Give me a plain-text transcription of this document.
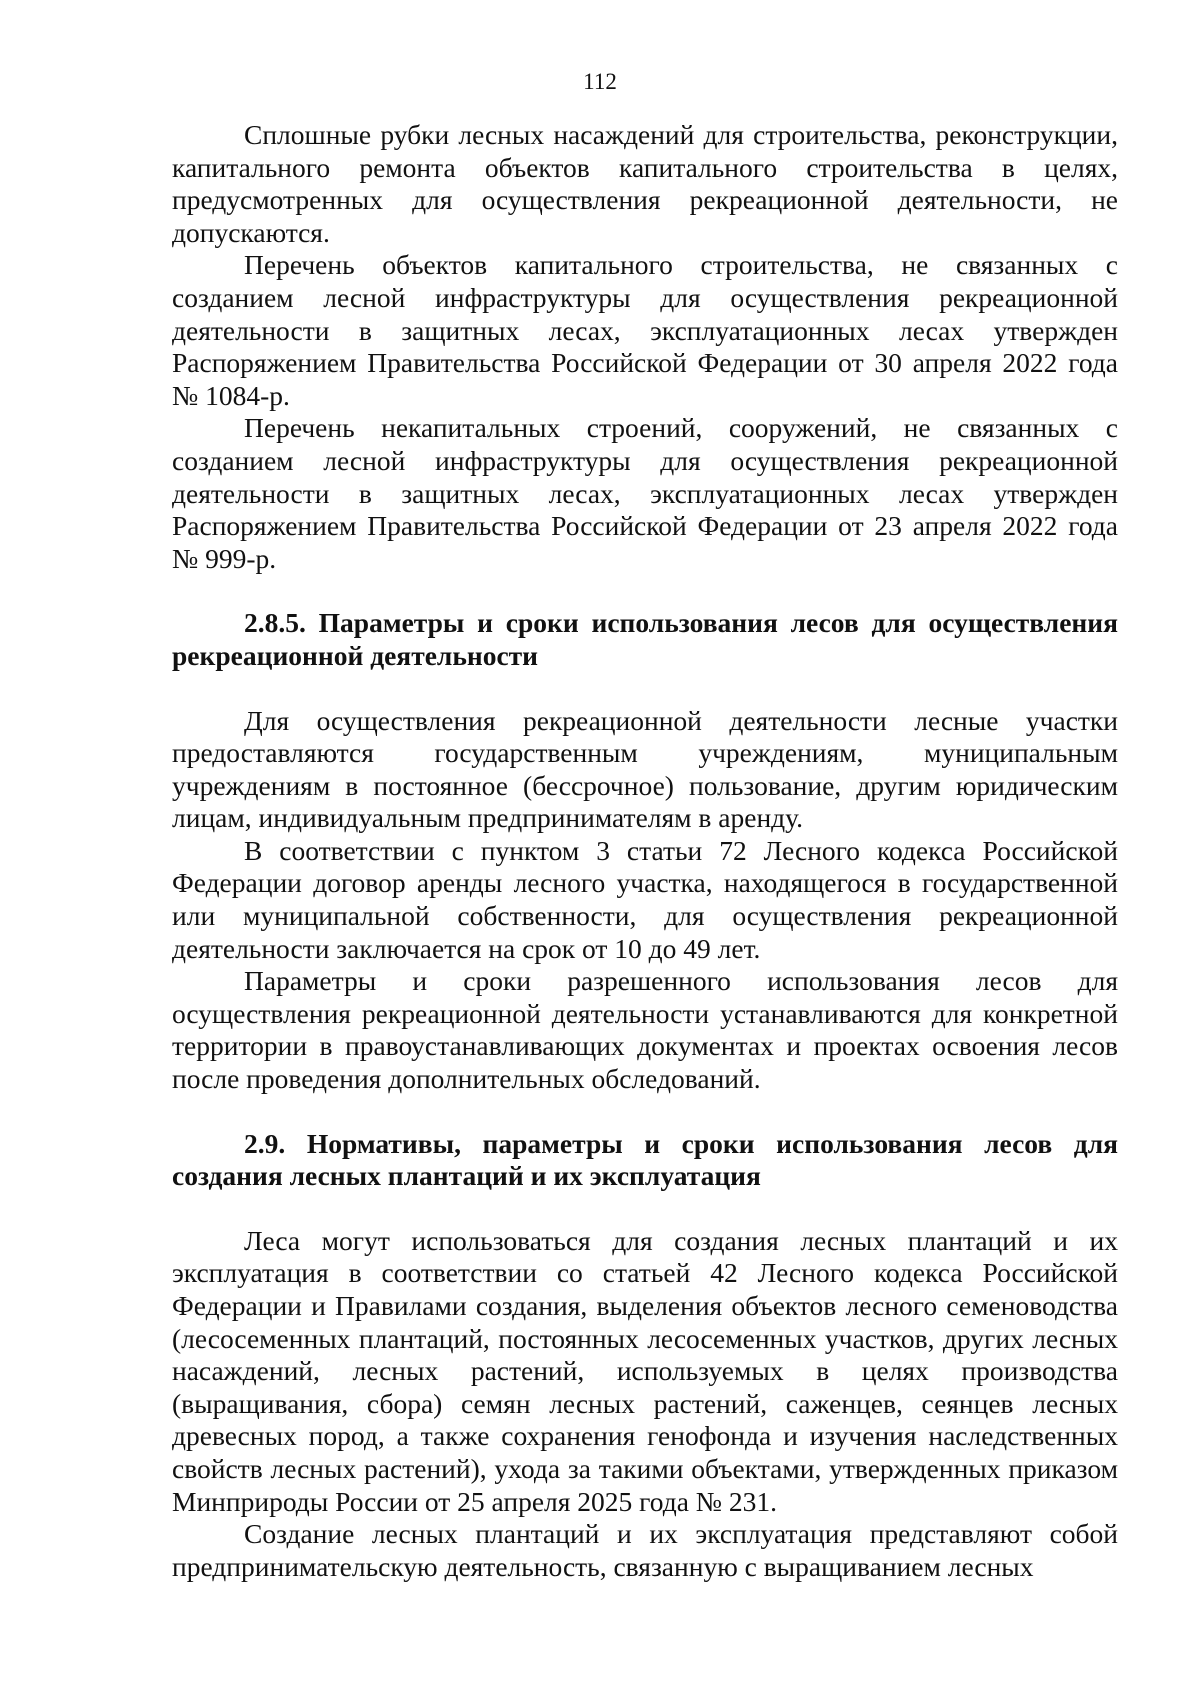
112

Сплошные рубки лесных насаждений для строительства, реконструкции, капитального ремонта объектов капитального строительства в целях, предусмотренных для осуществления рекреационной деятельности, не допускаются.

Перечень объектов капитального строительства, не связанных с созданием лесной инфраструктуры для осуществления рекреационной деятельности в защитных лесах, эксплуатационных лесах утвержден Распоряжением Правительства Российской Федерации от 30 апреля 2022 года № 1084-р.

Перечень некапитальных строений, сооружений, не связанных с созданием лесной инфраструктуры для осуществления рекреационной деятельности в защитных лесах, эксплуатационных лесах утвержден Распоряжением Правительства Российской Федерации от 23 апреля 2022 года № 999-р.

2.8.5. Параметры и сроки использования лесов для осуществления рекреационной деятельности

Для осуществления рекреационной деятельности лесные участки предоставляются государственным учреждениям, муниципальным учреждениям в постоянное (бессрочное) пользование, другим юридическим лицам, индивидуальным предпринимателям в аренду.

В соответствии с пунктом 3 статьи 72 Лесного кодекса Российской Федерации договор аренды лесного участка, находящегося в государственной или муниципальной собственности, для осуществления рекреационной деятельности заключается на срок от 10 до 49 лет.

Параметры и сроки разрешенного использования лесов для осуществления рекреационной деятельности устанавливаются для конкретной территории в правоустанавливающих документах и проектах освоения лесов после проведения дополнительных обследований.

2.9. Нормативы, параметры и сроки использования лесов для создания лесных плантаций и их эксплуатация

Леса могут использоваться для создания лесных плантаций и их эксплуатация в соответствии со статьей 42 Лесного кодекса Российской Федерации и Правилами создания, выделения объектов лесного семеноводства (лесосеменных плантаций, постоянных лесосеменных участков, других лесных насаждений, лесных растений, используемых в целях производства (выращивания, сбора) семян лесных растений, саженцев, сеянцев лесных древесных пород, а также сохранения генофонда и изучения наследственных свойств лесных растений), ухода за такими объектами, утвержденных приказом Минприроды России от 25 апреля 2025 года № 231.

Создание лесных плантаций и их эксплуатация представляют собой предпринимательскую деятельность, связанную с выращиванием лесных
